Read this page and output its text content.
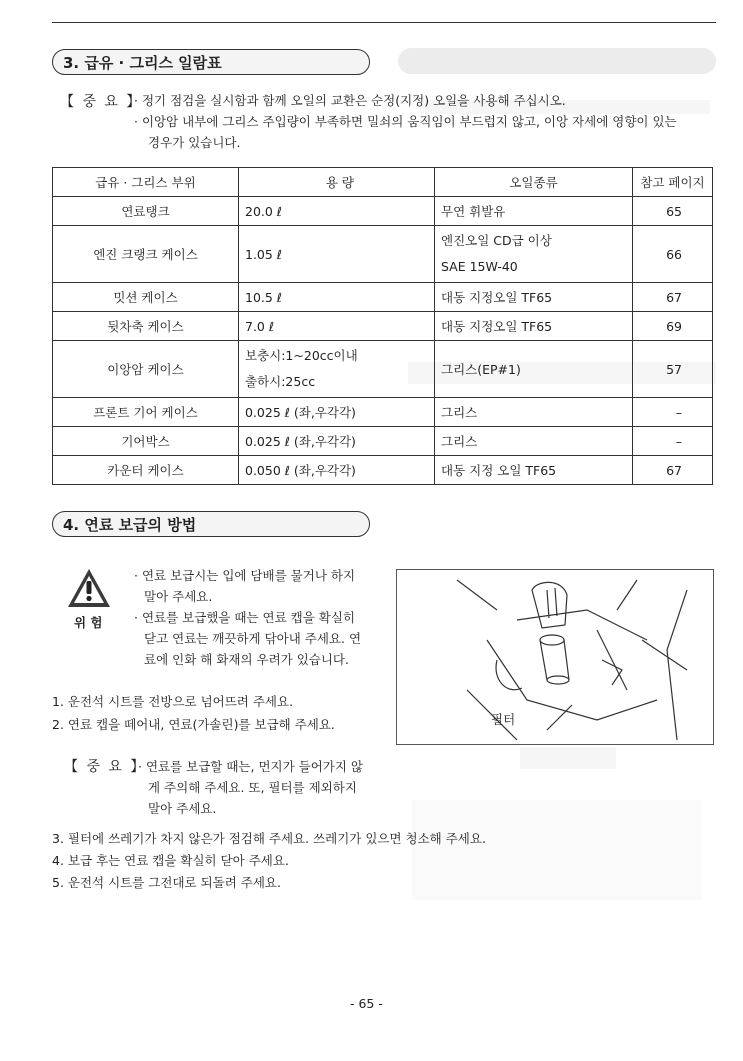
3. 급유 · 그리스 일람표
【 중 요 】
· 정기 점검을 실시함과 함께 오일의 교환은 순정(지정) 오일을 사용해 주십시오.
· 이앙암 내부에 그리스 주입량이 부족하면 밀쇠의 움직임이 부드럽지 않고, 이앙 자세에 영향이 있는
경우가 있습니다.
급유 · 그리스 부위	용 량	오일종류	참고 페이지
연료탱크	20.0 ℓ	무연 휘발유	65
엔진 크랭크 케이스	1.05 ℓ	엔진오일 CD급 이상
SAE 15W-40	66
밋션 케이스	10.5 ℓ	대동 지정오일 TF65	67
뒷차축 케이스	7.0 ℓ	대동 지정오일 TF65	69
이앙암 케이스	보충시:1~20cc이내
출하시:25cc	그리스(EP#1)	57
프론트 기어 케이스	0.025 ℓ (좌,우각각)	그리스	–
기어박스	0.025 ℓ (좌,우각각)	그리스	–
카운터 케이스	0.050 ℓ (좌,우각각)	대동 지정 오일 TF65	67
4. 연료 보급의 방법
위 험
· 연료 보급시는 입에 담배를 물거나 하지
말아 주세요.
· 연료를 보급했을 때는 연료 캡을 확실히
닫고 연료는 깨끗하게 닦아내 주세요. 연
료에 인화 해 화재의 우려가 있습니다.
필터
1. 운전석 시트를 전방으로 넘어뜨려 주세요.
2. 연료 캡을 떼어내, 연료(가솔린)를 보급해 주세요.
【 중 요 】
· 연료를 보급할 때는, 먼지가 들어가지 않
게 주의해 주세요. 또, 필터를 제외하지
말아 주세요.
3. 필터에 쓰레기가 차지 않은가 점검해 주세요. 쓰레기가 있으면 청소해 주세요.
4. 보급 후는 연료 캡을 확실히 닫아 주세요.
5. 운전석 시트를 그전대로 되돌려 주세요.
- 65 -
